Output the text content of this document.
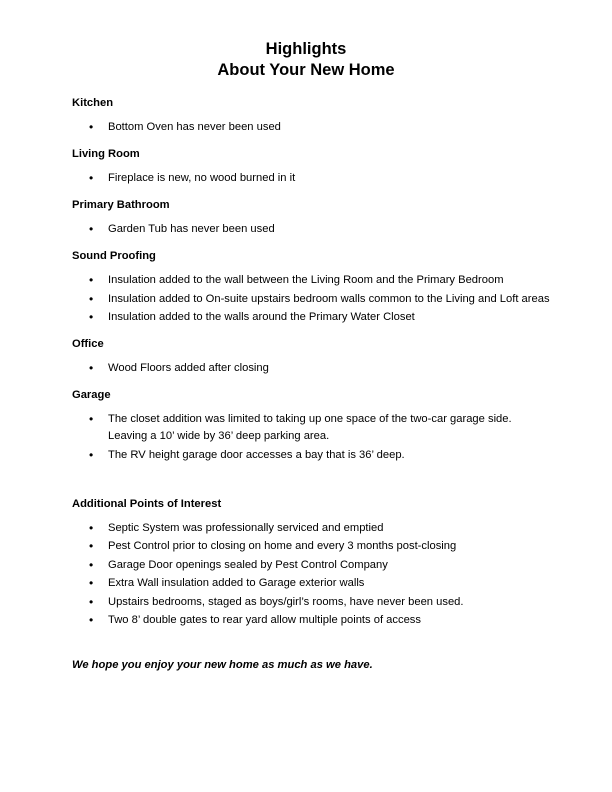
Highlights
About Your New Home
Kitchen
• Bottom Oven has never been used
Living Room
• Fireplace is new, no wood burned in it
Primary Bathroom
• Garden Tub has never been used
Sound Proofing
• Insulation added to the wall between the Living Room and the Primary Bedroom
• Insulation added to On-suite upstairs bedroom walls common to the Living and Loft areas
• Insulation added to the walls around the Primary Water Closet
Office
• Wood Floors added after closing
Garage
• The closet addition was limited to taking up one space of the two-car garage side. Leaving a 10’ wide by 36’ deep parking area.
• The RV height garage door accesses a bay that is 36’ deep.
Additional Points of Interest
• Septic System was professionally serviced and emptied
• Pest Control prior to closing on home and every 3 months post-closing
• Garage Door openings sealed by Pest Control Company
• Extra Wall insulation added to Garage exterior walls
• Upstairs bedrooms, staged as boys/girl’s rooms, have never been used.
• Two 8’ double gates to rear yard allow multiple points of access
We hope you enjoy your new home as much as we have.
